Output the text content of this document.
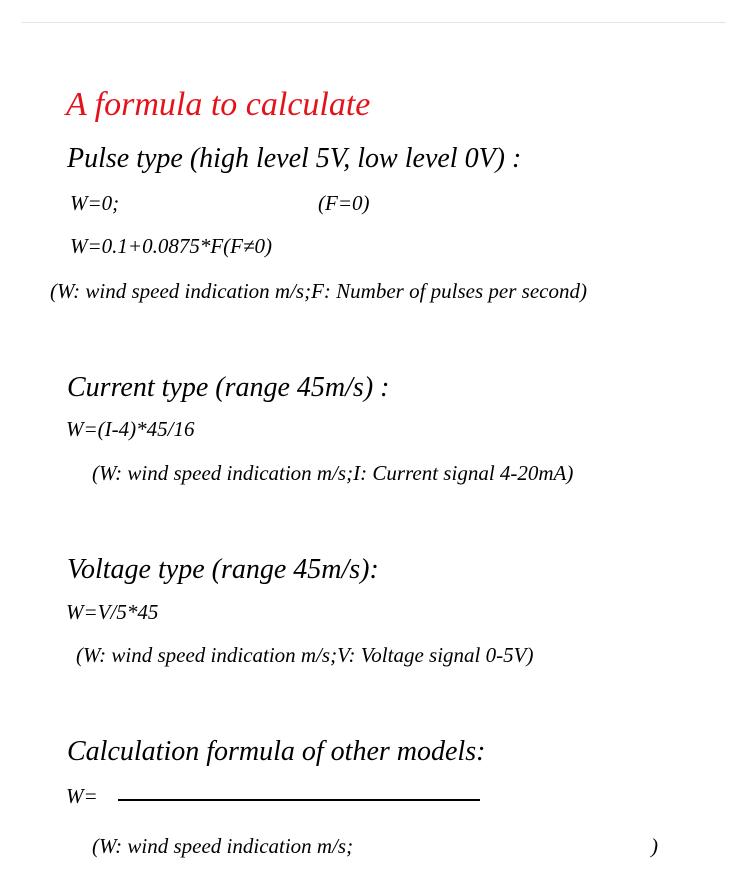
A formula to calculate
Pulse type (high level 5V, low level 0V) :
W=0;	(F=0)
W=0.1+0.0875*F(F≠0)
(W: wind speed indication m/s;F: Number of pulses per second)
Current type (range 45m/s) :
W=(I-4)*45/16
(W: wind speed indication m/s;I: Current signal 4-20mA)
Voltage type (range 45m/s):
W=V/5*45
(W: wind speed indication m/s;V: Voltage signal 0-5V)
Calculation formula of other models:
W=
(W: wind speed indication m/s;	)
